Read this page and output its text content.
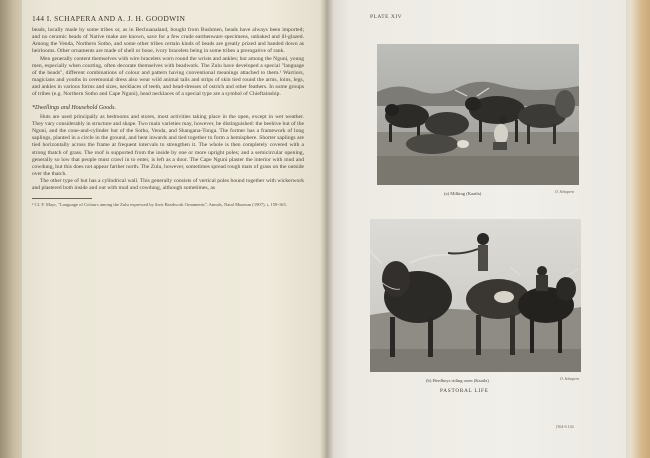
144 I. SCHAPERA AND A. J. H. GOODWIN

beads, locally made by some tribes or, as in Bechuanaland, bought from Bushmen, beads have always been imported; and no ceramic beads of Native make are known, save for a few crude earthenware specimens, unbaked and ill-glazed. Among the Venda, Northern Sotho, and some other tribes certain kinds of beads are greatly prized and handed down as heirlooms. Other ornaments are made of shell or bone, ivory bracelets being in some tribes a prerogative of rank.

Men generally content themselves with wire bracelets worn round the wrists and ankles; but among the Nguni, young men, especially when courting, often decorate themselves with beadwork. The Zulu have developed a special "language of the beads", different combinations of colour and pattern having conventional meanings attached to them.¹ Warriors, magicians and youths in ceremonial dress also wear wild animal tails and strips of skin tied round the arms, loins, legs, and ankles in various forms and sizes, necklaces of teeth, and head-dresses of ostrich and other feathers. In some groups of tribes (e.g. Northern Sotho and Cape Nguni), head necklaces of a special type are a symbol of Chieftainship.

*Dwellings and Household Goods.

Huts are used principally as bedrooms and stores, most activities taking place in the open, except in wet weather. They vary considerably in structure and shape. Two main varieties may, however, be distinguished: the beehive hut of the Nguni, and the cone-and-cylinder hut of the Sotho, Venda, and Shangana-Tonga. The former has a framework of long saplings, planted in a circle in the ground, and bent inwards and tied together to form a hemisphere. Shorter saplings are tied horizontally across the frame at frequent intervals to strengthen it. The whole is then completely covered with a strong thatch of grass. The roof is supported from the inside by one or more upright poles; and a semicircular opening, generally so low that people must crawl in to enter, is left as a door. The Cape Nguni plaster the interior with mud and cowdung, but this does not appear farther north. The Zulu, however, sometimes spread rough mats of grass on the outside over the thatch.

The other type of hut has a cylindrical wall. This generally consists of vertical poles bound together with wickerwork and plastered both inside and out with mud and cowdung, although sometimes, as

¹ Cf. F. Mayr, "Language of Colours among the Zulu expressed by their Beadwork Ornaments", Annals, Natal Museum (1907), i, 159-165.
PLATE XIV
(a) Milking (Kaatla)	O. Schapera
(b) Herdboys riding oxen (Kaatla)	O. Schapera
PASTORAL LIFE
[364-6 144
